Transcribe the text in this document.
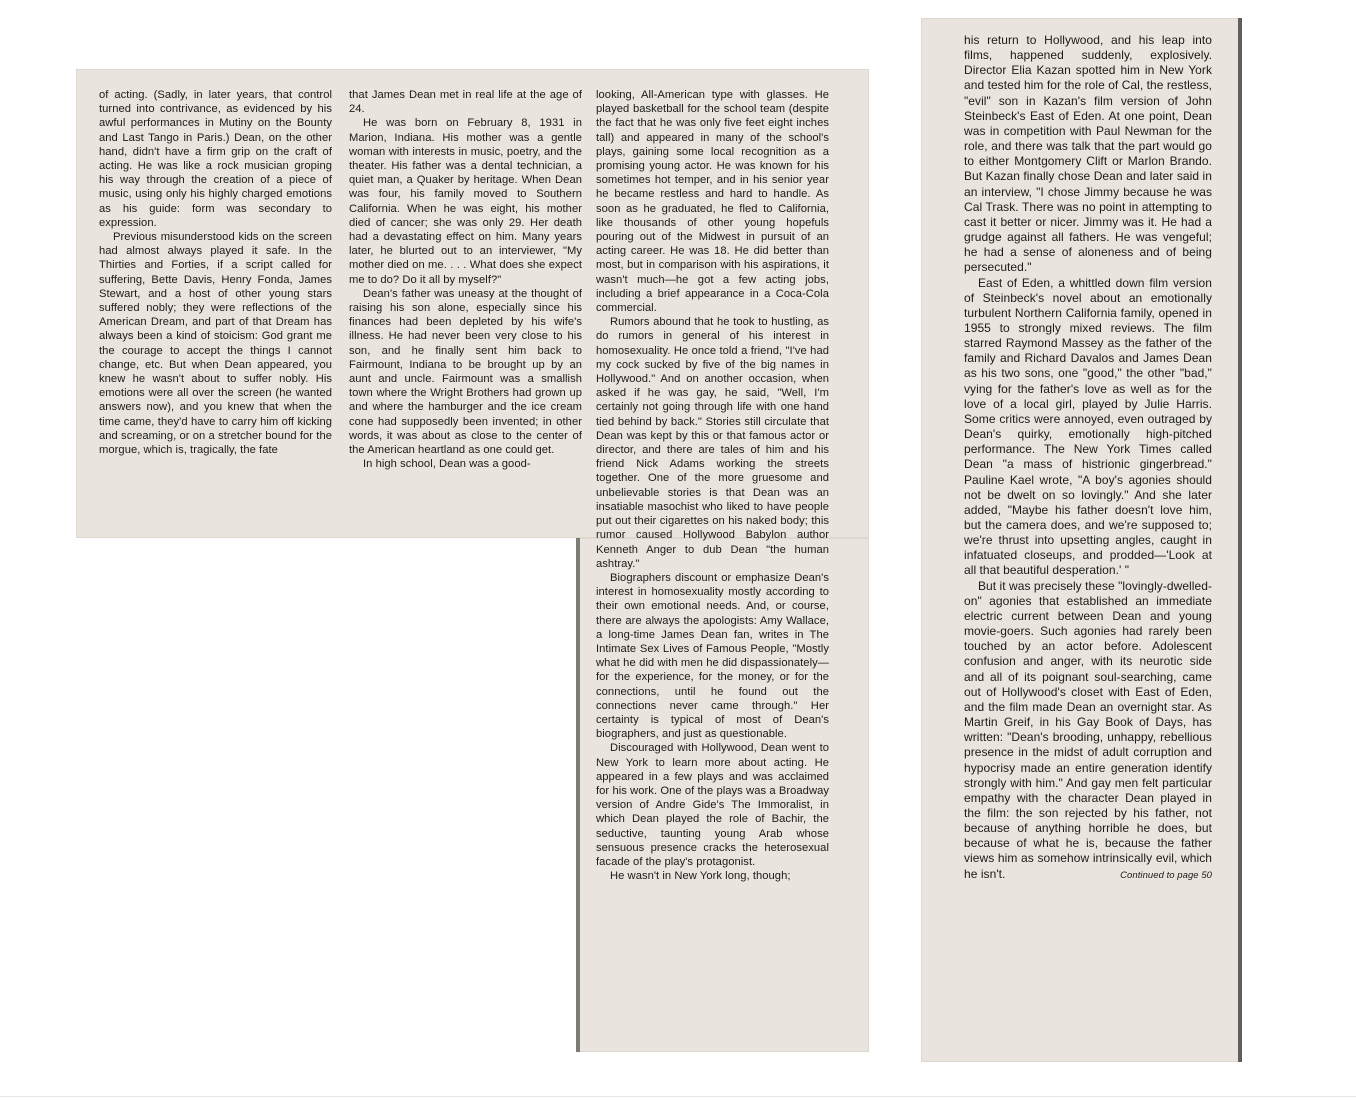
of acting. (Sadly, in later years, that control turned into contrivance, as evidenced by his awful performances in Mutiny on the Bounty and Last Tango in Paris.) Dean, on the other hand, didn't have a firm grip on the craft of acting. He was like a rock musician groping his way through the creation of a piece of music, using only his highly charged emotions as his guide: form was secondary to expression.

Previous misunderstood kids on the screen had almost always played it safe. In the Thirties and Forties, if a script called for suffering, Bette Davis, Henry Fonda, James Stewart, and a host of other young stars suffered nobly; they were reflections of the American Dream, and part of that Dream has always been a kind of stoicism: God grant me the courage to accept the things I cannot change, etc. But when Dean appeared, you knew he wasn't about to suffer nobly. His emotions were all over the screen (he wanted answers now), and you knew that when the time came, they'd have to carry him off kicking and screaming, or on a stretcher bound for the morgue, which is, tragically, the fate

that James Dean met in real life at the age of 24.

He was born on February 8, 1931 in Marion, Indiana. His mother was a gentle woman with interests in music, poetry, and the theater. His father was a dental technician, a quiet man, a Quaker by heritage. When Dean was four, his family moved to Southern California. When he was eight, his mother died of cancer; she was only 29. Her death had a devastating effect on him. Many years later, he blurted out to an interviewer, "My mother died on me. . . . What does she expect me to do? Do it all by myself?"

Dean's father was uneasy at the thought of raising his son alone, especially since his finances had been depleted by his wife's illness. He had never been very close to his son, and he finally sent him back to Fairmount, Indiana to be brought up by an aunt and uncle. Fairmount was a smallish town where the Wright Brothers had grown up and where the hamburger and the ice cream cone had supposedly been invented; in other words, it was about as close to the center of the American heartland as one could get.

In high school, Dean was a good-

looking, All-American type with glasses. He played basketball for the school team (despite the fact that he was only five feet eight inches tall) and appeared in many of the school's plays, gaining some local recognition as a promising young actor. He was known for his sometimes hot temper, and in his senior year he became restless and hard to handle. As soon as he graduated, he fled to California, like thousands of other young hopefuls pouring out of the Midwest in pursuit of an acting career. He was 18. He did better than most, but in comparison with his aspirations, it wasn't much—he got a few acting jobs, including a brief appearance in a Coca-Cola commercial.

Rumors abound that he took to hustling, as do rumors in general of his interest in homosexuality. He once told a friend, "I've had my cock sucked by five of the big names in Hollywood." And on another occasion, when asked if he was gay, he said, "Well, I'm certainly not going through life with one hand tied behind by back." Stories still circulate that Dean was kept by this or that famous actor or director, and there are tales of him and his friend Nick Adams working the streets together. One of the more gruesome and unbelievable stories is that Dean was an insatiable masochist who liked to have people put out their cigarettes on his naked body; this rumor caused Hollywood Babylon author Kenneth Anger to dub Dean "the human ashtray."

Biographers discount or emphasize Dean's interest in homosexuality mostly according to their own emotional needs. And, or course, there are always the apologists: Amy Wallace, a long-time James Dean fan, writes in The Intimate Sex Lives of Famous People, "Mostly what he did with men he did dispassionately—for the experience, for the money, or for the connections, until he found out the connections never came through." Her certainty is typical of most of Dean's biographers, and just as questionable.

Discouraged with Hollywood, Dean went to New York to learn more about acting. He appeared in a few plays and was acclaimed for his work. One of the plays was a Broadway version of Andre Gide's The Immoralist, in which Dean played the role of Bachir, the seductive, taunting young Arab whose sensuous presence cracks the heterosexual facade of the play's protagonist.

He wasn't in New York long, though;

his return to Hollywood, and his leap into films, happened suddenly, explosively. Director Elia Kazan spotted him in New York and tested him for the role of Cal, the restless, "evil" son in Kazan's film version of John Steinbeck's East of Eden. At one point, Dean was in competition with Paul Newman for the role, and there was talk that the part would go to either Montgomery Clift or Marlon Brando. But Kazan finally chose Dean and later said in an interview, "I chose Jimmy because he was Cal Trask. There was no point in attempting to cast it better or nicer. Jimmy was it. He had a grudge against all fathers. He was vengeful; he had a sense of aloneness and of being persecuted."

East of Eden, a whittled down film version of Steinbeck's novel about an emotionally turbulent Northern California family, opened in 1955 to strongly mixed reviews. The film starred Raymond Massey as the father of the family and Richard Davalos and James Dean as his two sons, one "good," the other "bad," vying for the father's love as well as for the love of a local girl, played by Julie Harris. Some critics were annoyed, even outraged by Dean's quirky, emotionally high-pitched performance. The New York Times called Dean "a mass of histrionic gingerbread." Pauline Kael wrote, "A boy's agonies should not be dwelt on so lovingly." And she later added, "Maybe his father doesn't love him, but the camera does, and we're supposed to; we're thrust into upsetting angles, caught in infatuated closeups, and prodded—'Look at all that beautiful desperation.' "

But it was precisely these "lovingly-dwelled-on" agonies that established an immediate electric current between Dean and young movie-goers. Such agonies had rarely been touched by an actor before. Adolescent confusion and anger, with its neurotic side and all of its poignant soul-searching, came out of Hollywood's closet with East of Eden, and the film made Dean an overnight star. As Martin Greif, in his Gay Book of Days, has written: "Dean's brooding, unhappy, rebellious presence in the midst of adult corruption and hypocrisy made an entire generation identify strongly with him." And gay men felt particular empathy with the character Dean played in the film: the son rejected by his father, not because of anything horrible he does, but because of what he is, because the father views him as somehow intrinsically evil, which he isn't.	Continued to page 50
